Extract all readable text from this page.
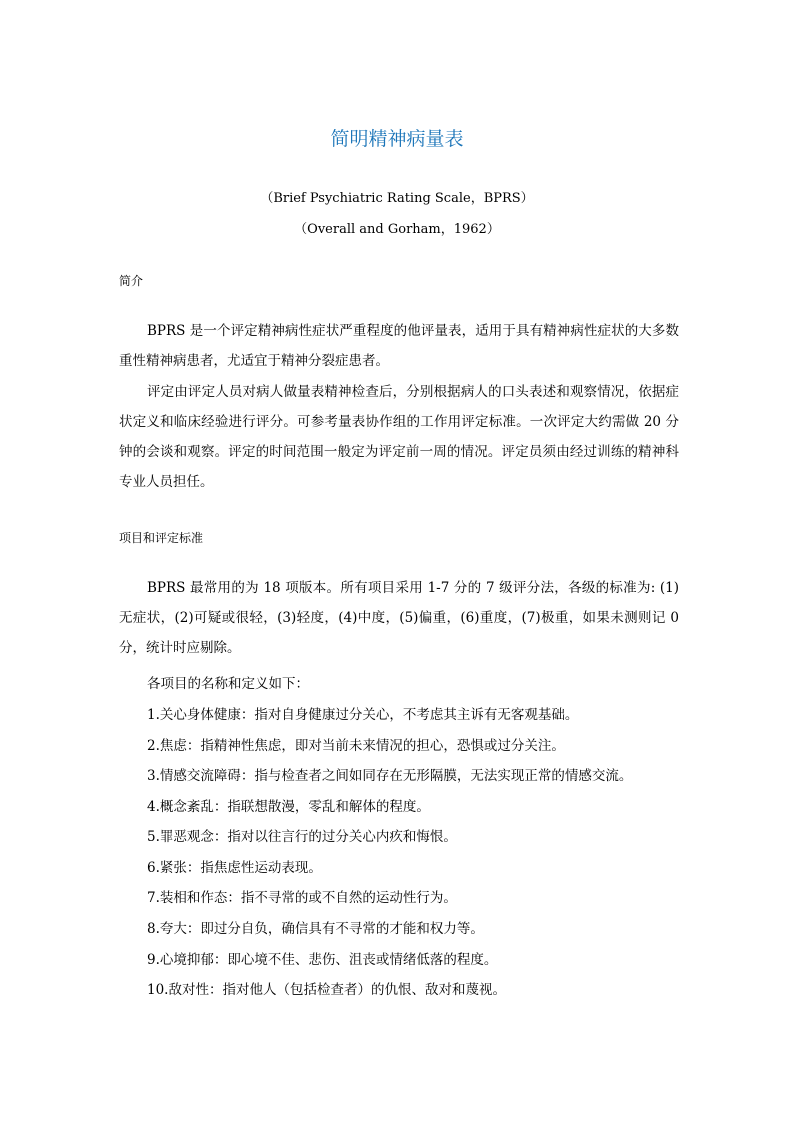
简明精神病量表
（Brief Psychiatric Rating Scale，BPRS）
（Overall and Gorham，1962）
简介

BPRS 是一个评定精神病性症状严重程度的他评量表，适用于具有精神病性症状的大多数重性精神病患者，尤适宜于精神分裂症患者。

评定由评定人员对病人做量表精神检查后，分别根据病人的口头表述和观察情况，依据症状定义和临床经验进行评分。可参考量表协作组的工作用评定标准。一次评定大约需做 20 分钟的会谈和观察。评定的时间范围一般定为评定前一周的情况。评定员须由经过训练的精神科专业人员担任。

项目和评定标准

BPRS 最常用的为 18 项版本。所有项目采用 1-7 分的 7 级评分法，各级的标准为: (1)无症状，(2)可疑或很轻，(3)轻度，(4)中度，(5)偏重，(6)重度，(7)极重，如果未测则记 0 分，统计时应剔除。

各项目的名称和定义如下：
1.关心身体健康：指对自身健康过分关心，不考虑其主诉有无客观基础。
2.焦虑：指精神性焦虑，即对当前未来情况的担心，恐惧或过分关注。
3.情感交流障碍：指与检查者之间如同存在无形隔膜，无法实现正常的情感交流。
4.概念紊乱：指联想散漫，零乱和解体的程度。
5.罪恶观念：指对以往言行的过分关心内疚和悔恨。
6.紧张：指焦虑性运动表现。
7.装相和作态：指不寻常的或不自然的运动性行为。
8.夸大：即过分自负，确信具有不寻常的才能和权力等。
9.心境抑郁：即心境不佳、悲伤、沮丧或情绪低落的程度。
10.敌对性：指对他人（包括检查者）的仇恨、敌对和蔑视。
